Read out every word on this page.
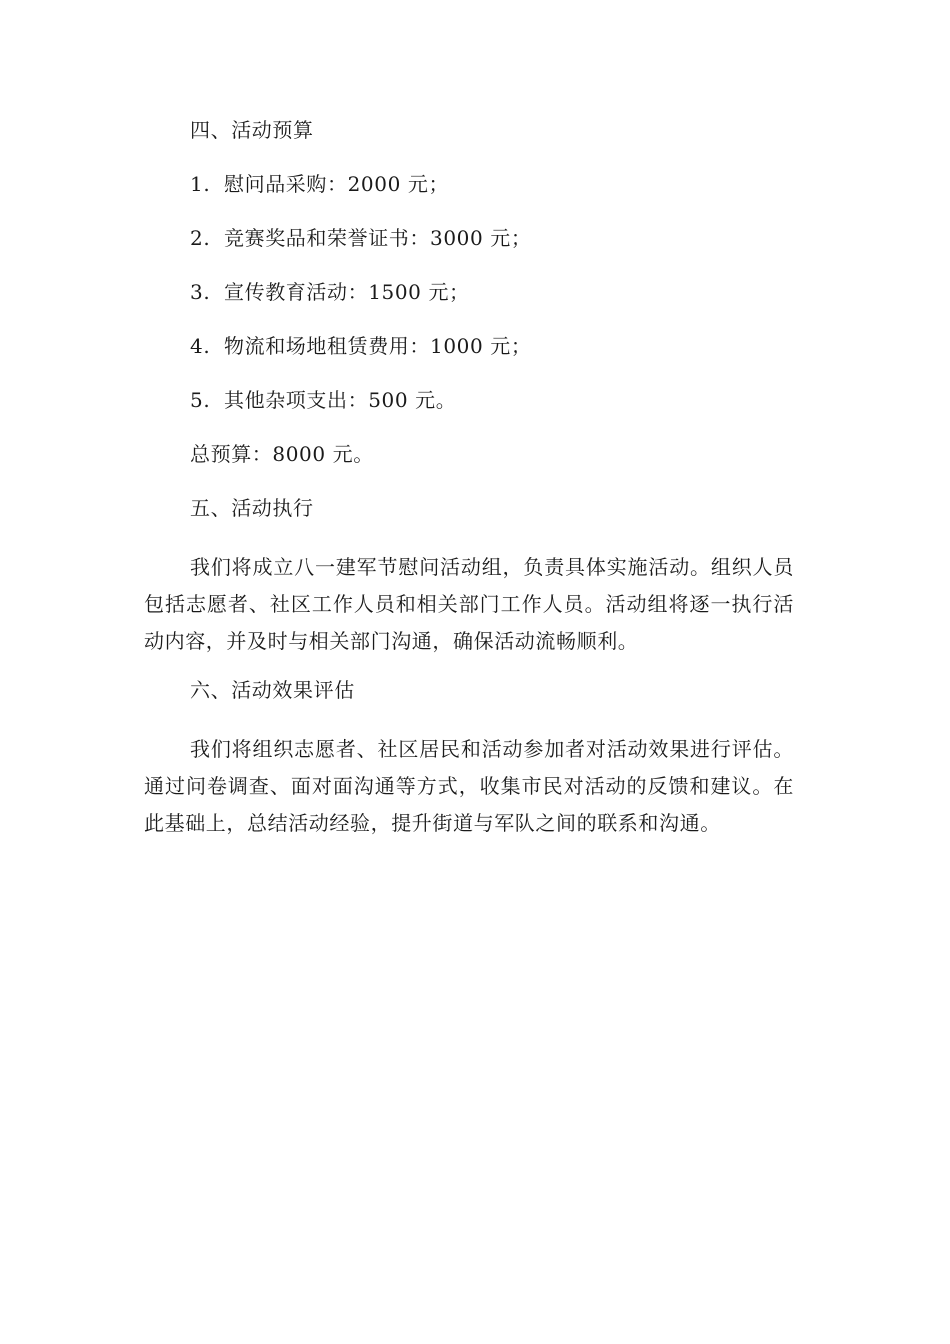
四、活动预算
1. 慰问品采购：2000 元；
2. 竞赛奖品和荣誉证书：3000 元；
3. 宣传教育活动：1500 元；
4. 物流和场地租赁费用：1000 元；
5. 其他杂项支出：500 元。
总预算：8000 元。
五、活动执行
我们将成立八一建军节慰问活动组，负责具体实施活动。组织人员包括志愿者、社区工作人员和相关部门工作人员。活动组将逐一执行活动内容，并及时与相关部门沟通，确保活动流畅顺利。
六、活动效果评估
我们将组织志愿者、社区居民和活动参加者对活动效果进行评估。通过问卷调查、面对面沟通等方式，收集市民对活动的反馈和建议。在此基础上，总结活动经验，提升街道与军队之间的联系和沟通。
